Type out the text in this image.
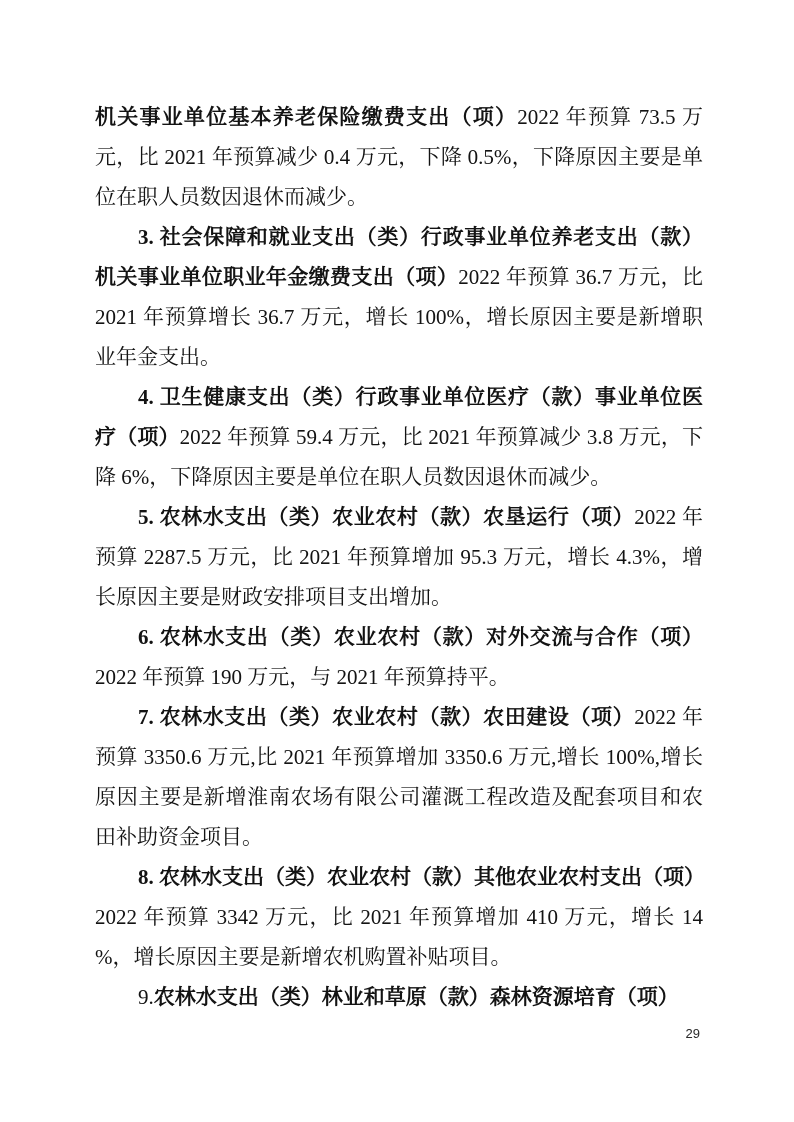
机关事业单位基本养老保险缴费支出（项）2022 年预算 73.5 万元，比 2021 年预算减少 0.4 万元，下降 0.5%，下降原因主要是单位在职人员数因退休而减少。

3. 社会保障和就业支出（类）行政事业单位养老支出（款）机关事业单位职业年金缴费支出（项）2022 年预算 36.7 万元，比 2021 年预算增长 36.7 万元，增长 100%，增长原因主要是新增职业年金支出。

4. 卫生健康支出（类）行政事业单位医疗（款）事业单位医疗（项）2022 年预算 59.4 万元，比 2021 年预算减少 3.8 万元，下降 6%，下降原因主要是单位在职人员数因退休而减少。

5. 农林水支出（类）农业农村（款）农垦运行（项）2022 年预算 2287.5 万元，比 2021 年预算增加 95.3 万元，增长 4.3%，增长原因主要是财政安排项目支出增加。

6. 农林水支出（类）农业农村（款）对外交流与合作（项）2022 年预算 190 万元，与 2021 年预算持平。

7. 农林水支出（类）农业农村（款）农田建设（项）2022 年预算 3350.6 万元,比 2021 年预算增加 3350.6 万元,增长 100%,增长原因主要是新增淮南农场有限公司灌溉工程改造及配套项目和农田补助资金项目。

8. 农林水支出（类）农业农村（款）其他农业农村支出（项）2022 年预算 3342 万元，比 2021 年预算增加 410 万元，增长 14 %，增长原因主要是新增农机购置补贴项目。

9.农林水支出（类）林业和草原（款）森林资源培育（项）

29
